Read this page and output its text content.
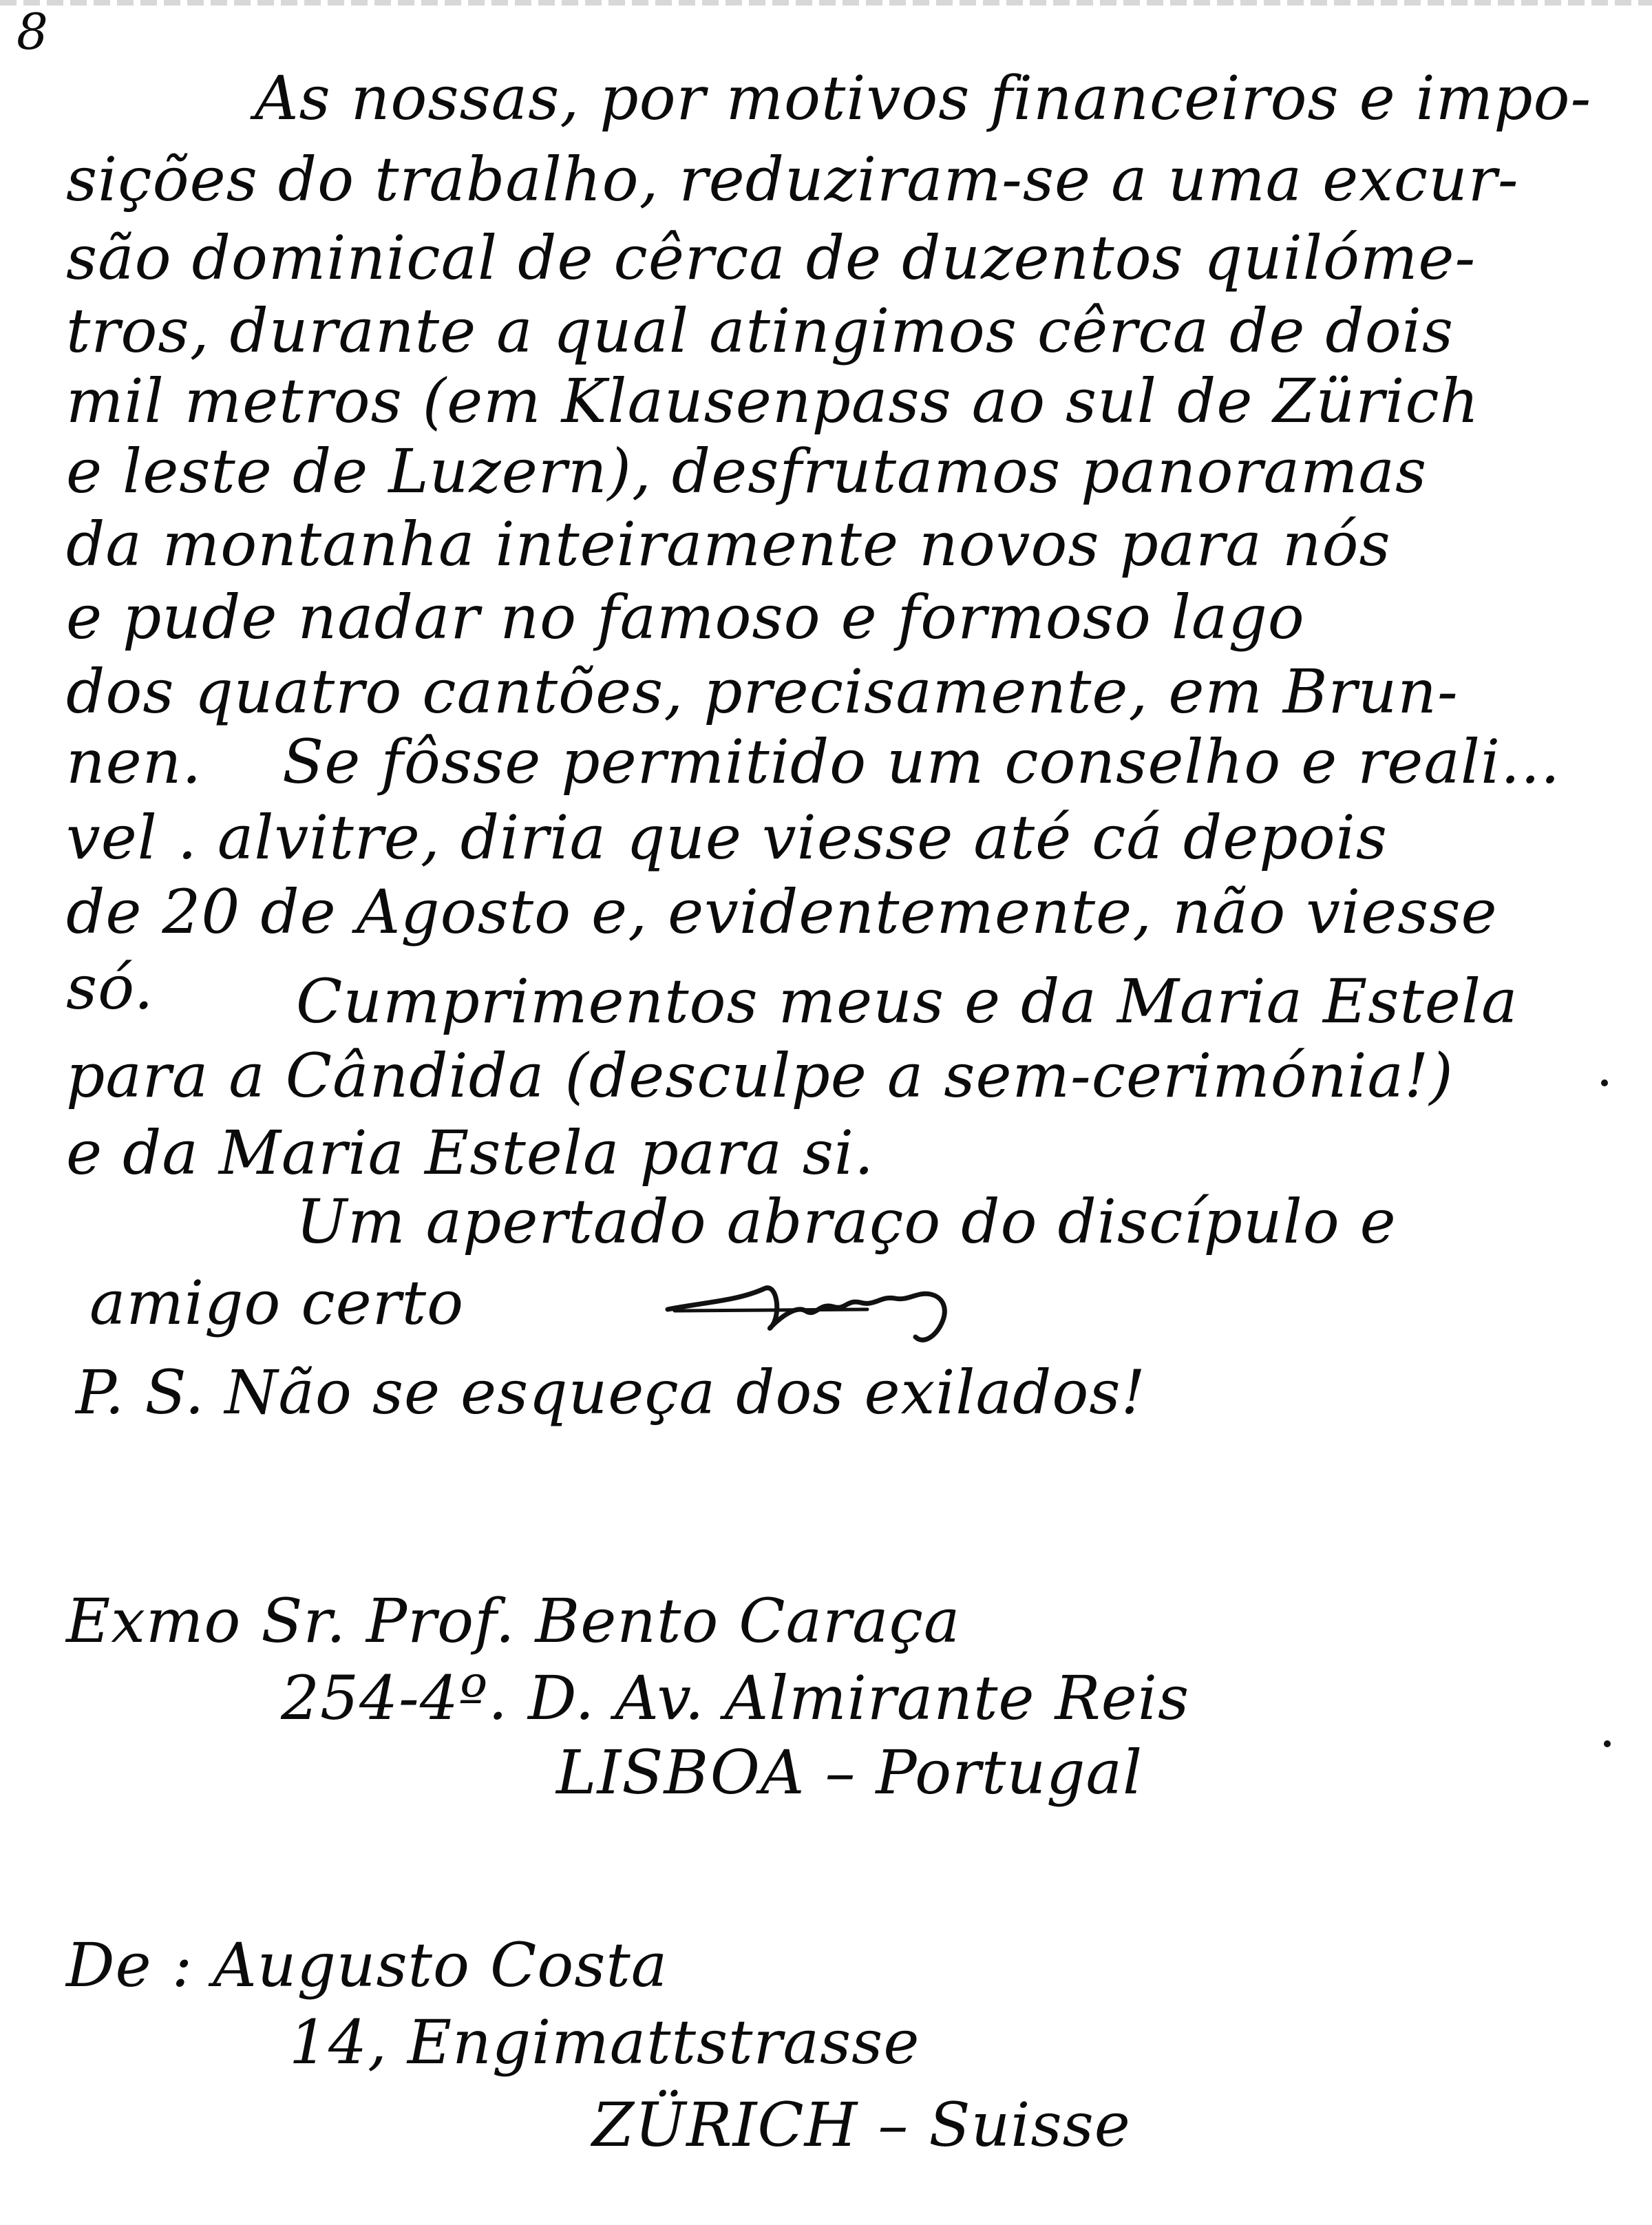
8
As nossas, por motivos financeiros e impo-
sições do trabalho, reduziram-se a uma excur-
são dominical de cêrca de duzentos quilóme-
tros, durante a qual atingimos cêrca de dois
mil metros (em Klausenpass ao sul de Zürich
e leste de Luzern), desfrutamos panoramas
da montanha inteiramente novos para nós
e pude nadar no famoso e formoso lago
dos quatro cantões, precisamente, em Brun-
nen. Se fôsse permitido um conselho e reali...
vel . alvitre, diria que viesse até cá depois
de 20 de Agosto e, evidentemente, não viesse
só. Cumprimentos meus e da Maria Estela
para a Cândida (desculpe a sem-cerimónia!)
e da Maria Estela para si.
Um apertado abraço do discípulo e
amigo certo
P. S. Não se esqueça dos exilados!
Exmo Sr. Prof. Bento Caraça
254-4º. D. Av. Almirante Reis
LISBOA – Portugal
De : Augusto Costa
14, Engimattstrasse
ZÜRICH – Suisse
